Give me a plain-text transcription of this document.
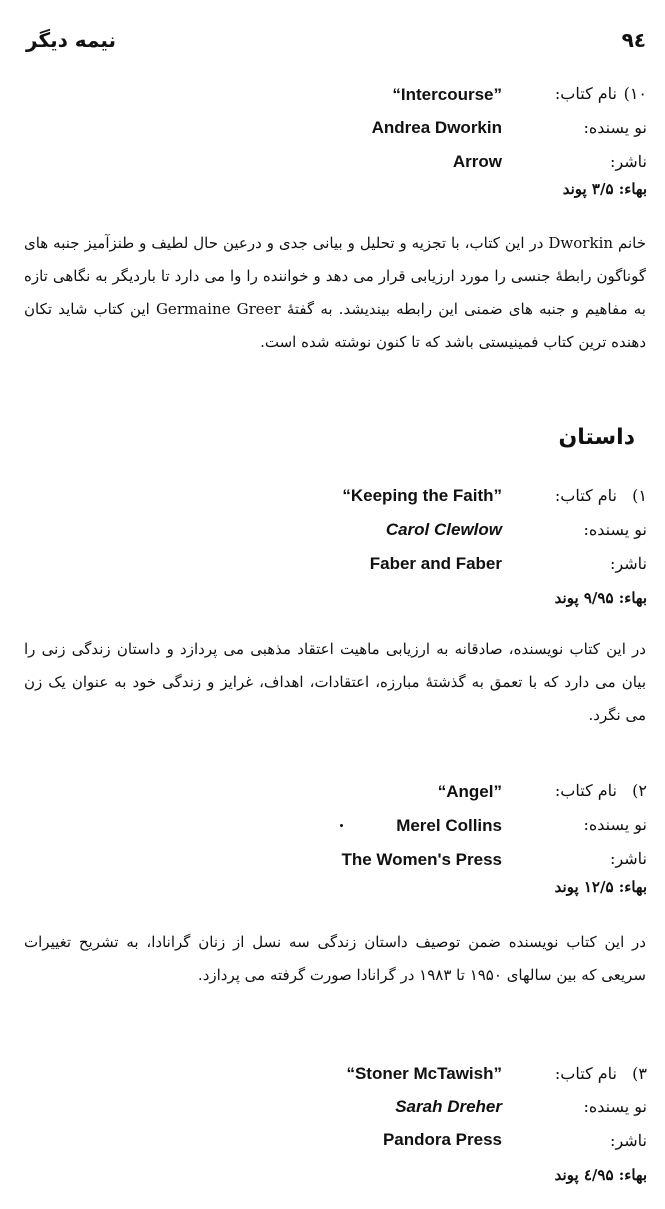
۹٤
نیمه دیگر
۱۰)
نام کتاب:
“Intercourse”
نو یسنده:
Andrea Dworkin
ناشر:
Arrow
بهاء: ۳/۵ پوند
خانم Dworkin در این کتاب، با تجزیه و تحلیل و بیانی جدی و درعین حال لطیف و طنزآمیز جنبه های گوناگون رابطهٔ جنسی را مورد ارزیابی قرار می دهد و خواننده را وا می دارد تا باردیگر به نگاهی تازه به مفاهیم و جنبه های ضمنی این رابطه بیندیشد. به گفتهٔ Germaine Greer این کتاب شاید تکان دهنده ترین کتاب فمینیستی باشد که تا کنون نوشته شده است.
داستان
۱)
نام کتاب:
“Keeping the Faith”
نو یسنده:
Carol Clewlow
ناشر:
Faber and Faber
بهاء: ۹/۹۵ پوند
در این کتاب نویسنده، صادقانه به ارزیابی ماهیت اعتقاد مذهبی می پردازد و داستان زندگی زنی را بیان می دارد که با تعمق به گذشتهٔ مبارزه، اعتقادات، اهداف، غرایز و زندگی خود به عنوان یک زن می نگرد.
۲)
نام کتاب:
“Angel”
نو یسنده:
Merel Collins
ناشر:
The Women's Press
بهاء: ۱۲/۵ پوند
در این کتاب نویسنده ضمن توصیف داستان زندگی سه نسل از زنان گرانادا، به تشریح تغییرات سریعی که بین سالهای ۱۹۵۰ تا ۱۹۸۳ در گرانادا صورت گرفته می پردازد.
۳)
نام کتاب:
“Stoner McTawish”
نو یسنده:
Sarah Dreher
ناشر:
Pandora Press
بهاء: ٤/۹۵ پوند
